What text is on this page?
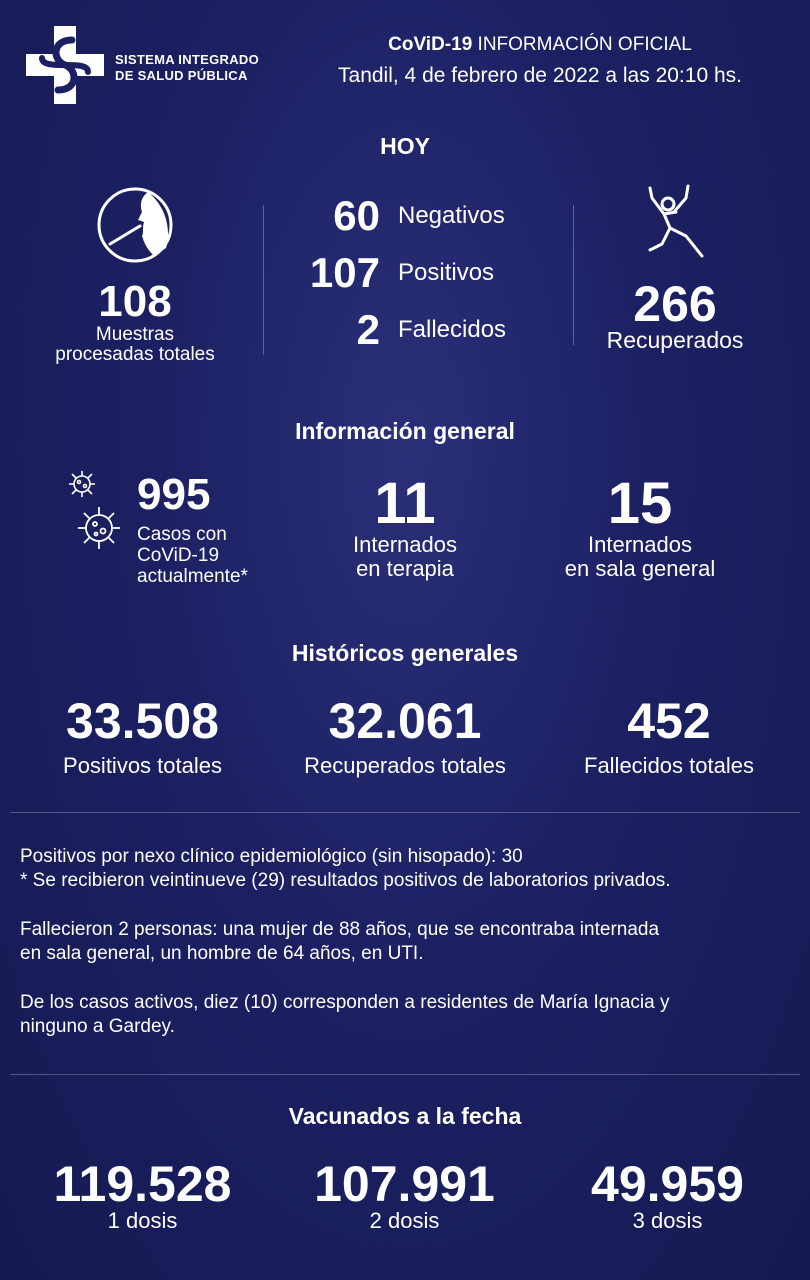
SISTEMA INTEGRADO
DE SALUD PÚBLICA
CoViD-19 INFORMACIÓN OFICIAL
Tandil, 4 de febrero de 2022 a las 20:10 hs.
HOY
108
Muestras
procesadas totales
60 Negativos
107 Positivos
2 Fallecidos	266
Recuperados
Información general
995
Casos con
CoViD-19
actualmente*
11
Internados
en terapia
15
Internados
en sala general
Históricos generales
33.508
Positivos totales
32.061
Recuperados totales
452
Fallecidos totales
Positivos por nexo clínico epidemiológico (sin hisopado): 30
* Se recibieron veintinueve (29) resultados positivos de laboratorios privados.
Fallecieron 2 personas: una mujer de 88 años, que se encontraba internada
en sala general, un hombre de 64 años, en UTI.
De los casos activos, diez (10) corresponden a residentes de María Ignacia y
ninguno a Gardey.
Vacunados a la fecha
119.528
1 dosis
107.991
2 dosis
49.959
3 dosis
